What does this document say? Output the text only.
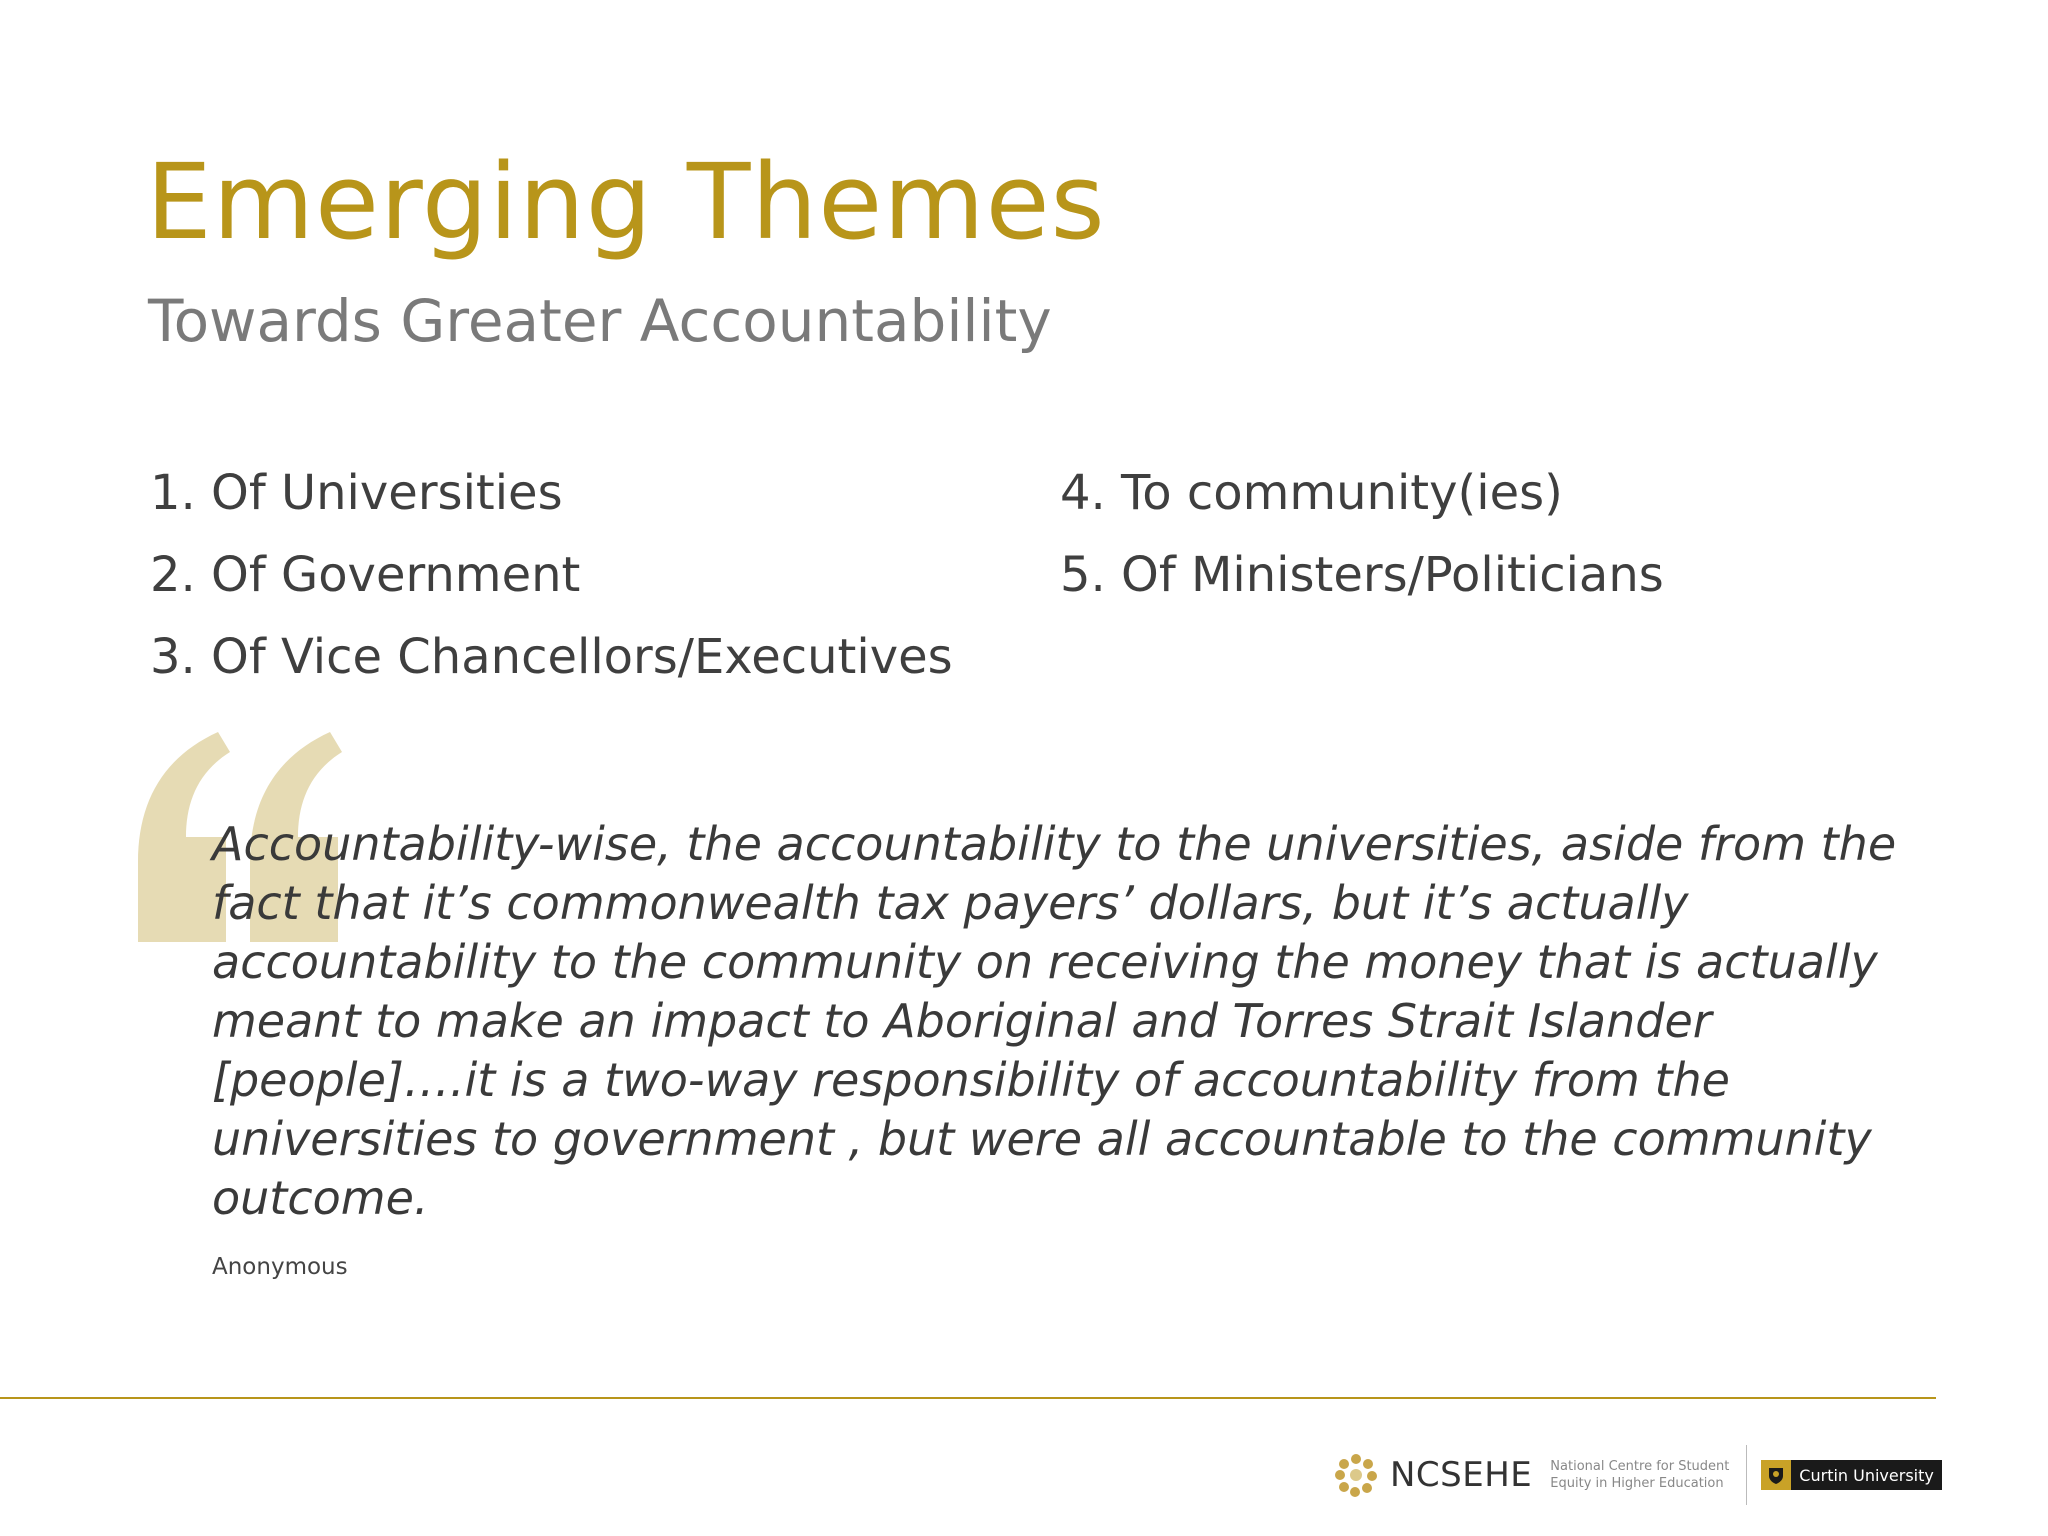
Emerging Themes
Towards Greater Accountability
1. Of Universities
2. Of Government
3. Of Vice Chancellors/Executives
4. To community(ies)
5. Of Ministers/Politicians

Accountability-wise, the accountability to the universities, aside from the fact that it’s commonwealth tax payers’ dollars, but it’s actually accountability to the community on receiving the money that is actually meant to make an impact to Aboriginal and Torres Strait Islander [people]….it is a two-way responsibility of accountability from the universities to government , but were all accountable to the community outcome.

Anonymous
NCSEHE National Centre for Student
Equity in Higher Education	Curtin University
